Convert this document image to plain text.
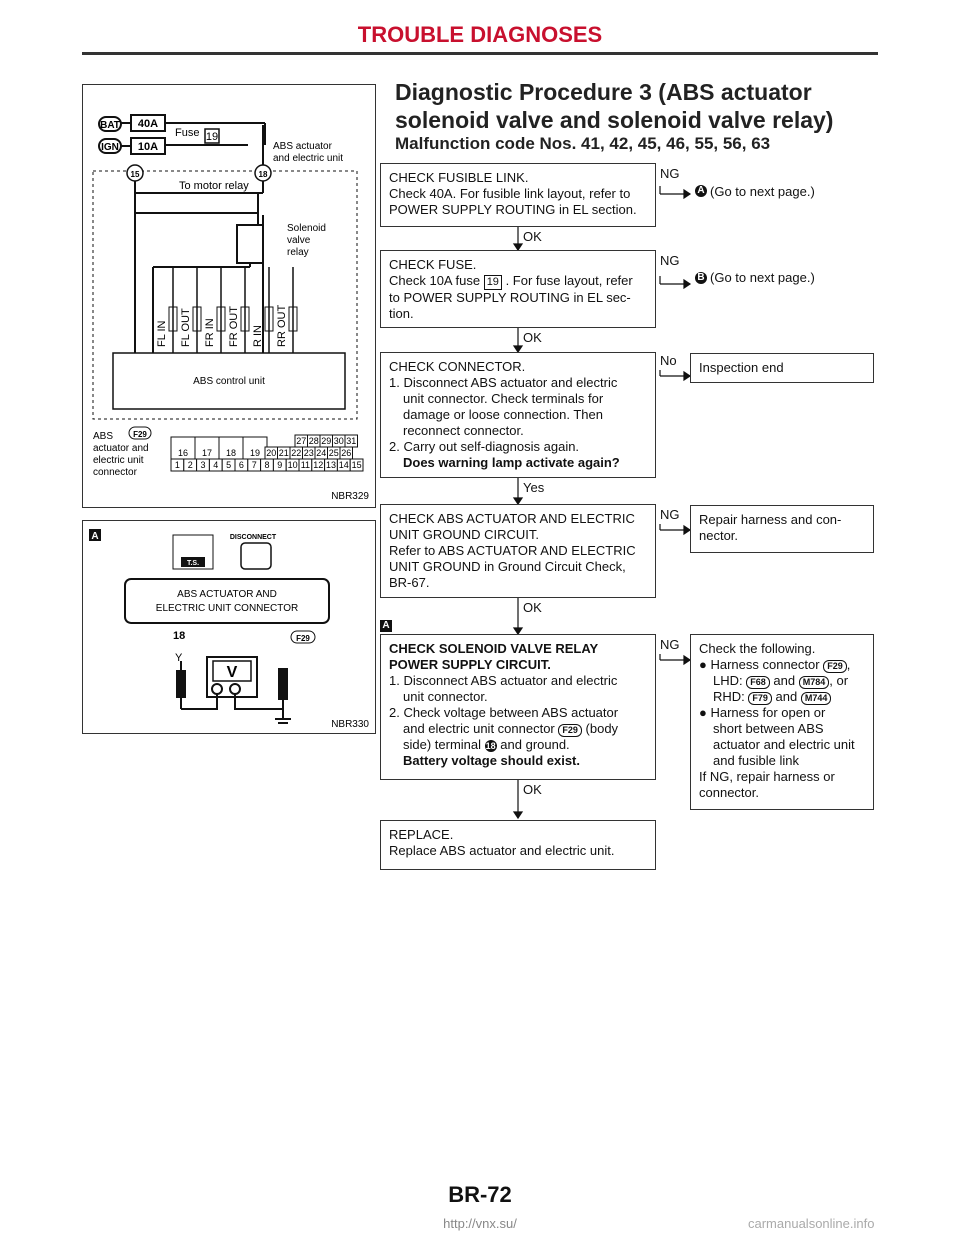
TROUBLE DIAGNOSES
BAT 40A
IGN 10A
Fuse 19
ABS actuator
and electric unit
15	18
To motor relay
Solenoid
valve
relay
ABS control unit
FL IN FL OUT FR IN FR OUT R IN RR OUT
ABS
actuator and
electric unit
connector
F29
16 17 18 19
27 28 29 30 31
20 21 22 23 24 25 26
1 2 3 4 5 6 7 8 9 10 11 12 13 14 15
NBR329
A
T.S.
DISCONNECT
ABS ACTUATOR AND
ELECTRIC UNIT CONNECTOR
18	F29
Y
V
NBR330
Diagnostic Procedure 3 (ABS actuator solenoid valve and solenoid valve relay)
Malfunction code Nos. 41, 42, 45, 46, 55, 56, 63

CHECK FUSIBLE LINK.

Check 40A. For fusible link layout, refer to

POWER SUPPLY ROUTING in EL section.

NG
A (Go to next page.)
OK

CHECK FUSE.

Check 10A fuse 19 . For fuse layout, refer

to POWER SUPPLY ROUTING in EL sec-

tion.

NG
B (Go to next page.)
OK

CHECK CONNECTOR.

1. Disconnect ABS actuator and electric

unit connector. Check terminals for

damage or loose connection. Then

reconnect connector.

2. Carry out self-diagnosis again.

Does warning lamp activate again?

No	Inspection end
Yes

CHECK ABS ACTUATOR AND ELECTRIC

UNIT GROUND CIRCUIT.

Refer to ABS ACTUATOR AND ELECTRIC

UNIT GROUND in Ground Circuit Check,

BR-67.

NG Repair harness and con-

nector.

OK
A

CHECK SOLENOID VALVE RELAY

POWER SUPPLY CIRCUIT.

1. Disconnect ABS actuator and electric

unit connector.

2. Check voltage between ABS actuator

and electric unit connector F29 (body

side) terminal 18 and ground.

Battery voltage should exist.

NG Check the following.

● Harness connector F29 ,

LHD: F68 and M784 , or

RHD: F79 and M744

● Harness for open or

short between ABS

actuator and electric unit

and fusible link

If NG, repair harness or

connector.

OK

REPLACE.

Replace ABS actuator and electric unit.

BR-72
http://vnx.su/	carmanualsonline.info
